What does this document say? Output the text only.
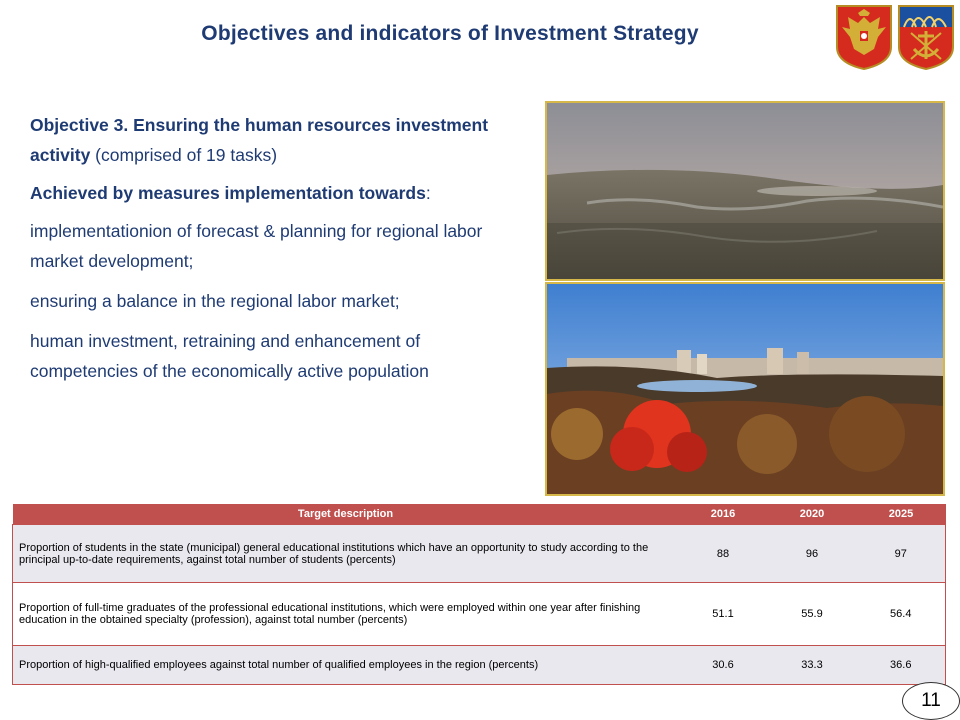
Objectives and indicators of Investment Strategy

Objective 3. Ensuring the human resources investment activity (comprised of 19 tasks)

Achieved by measures implementation towards:

implementationion of forecast & planning for regional labor market development;

ensuring a balance in the regional labor market;

human investment, retraining and enhancement of competencies of the economically active population

Target description	2016	2020	2025
Proportion of students in the state (municipal) general educational institutions which have an opportunity to study according to the principal up-to-date requirements, against total number of students (percents)	88	96	97
Proportion of full-time graduates of the professional educational institutions, which were employed within one year after finishing education in the obtained specialty (profession), against total number (percents)	51.1	55.9	56.4
Proportion of high-qualified employees against total number of qualified employees in the region (percents)	30.6	33.3	36.6
11
